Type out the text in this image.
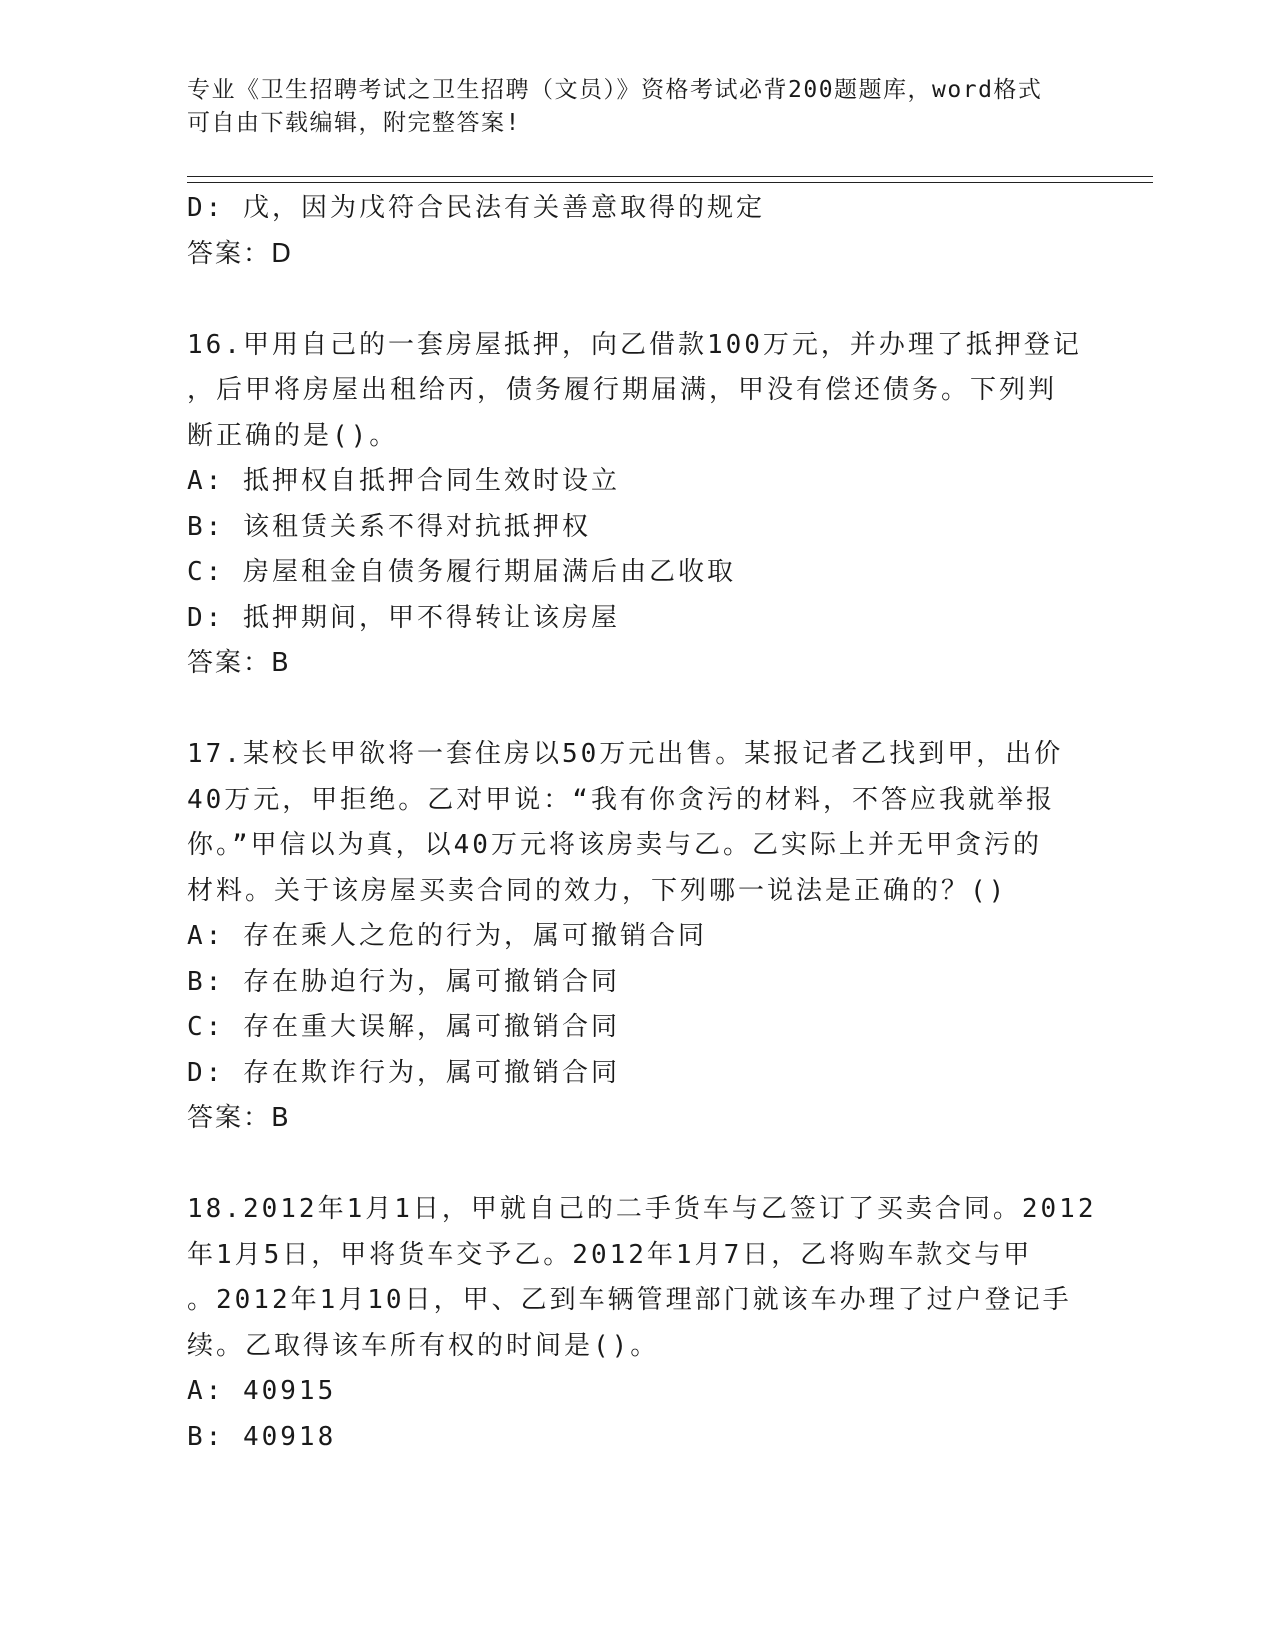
专业《卫生招聘考试之卫生招聘（文员）》资格考试必背200题题库，word格式
可自由下载编辑，附完整答案!
D: 戊，因为戊符合民法有关善意取得的规定
答案：D
16.甲用自己的一套房屋抵押，向乙借款100万元，并办理了抵押登记
，后甲将房屋出租给丙，债务履行期届满，甲没有偿还债务。下列判
断正确的是()。
A: 抵押权自抵押合同生效时设立
B: 该租赁关系不得对抗抵押权
C: 房屋租金自债务履行期届满后由乙收取
D: 抵押期间，甲不得转让该房屋
答案：B
17.某校长甲欲将一套住房以50万元出售。某报记者乙找到甲，出价
40万元，甲拒绝。乙对甲说：“我有你贪污的材料，不答应我就举报
你。”甲信以为真，以40万元将该房卖与乙。乙实际上并无甲贪污的
材料。关于该房屋买卖合同的效力，下列哪一说法是正确的？()
A: 存在乘人之危的行为，属可撤销合同
B: 存在胁迫行为，属可撤销合同
C: 存在重大误解，属可撤销合同
D: 存在欺诈行为，属可撤销合同
答案：B
18.2012年1月1日，甲就自己的二手货车与乙签订了买卖合同。2012
年1月5日，甲将货车交予乙。2012年1月7日，乙将购车款交与甲
。2012年1月10日，甲、乙到车辆管理部门就该车办理了过户登记手
续。乙取得该车所有权的时间是()。
A: 40915
B: 40918
